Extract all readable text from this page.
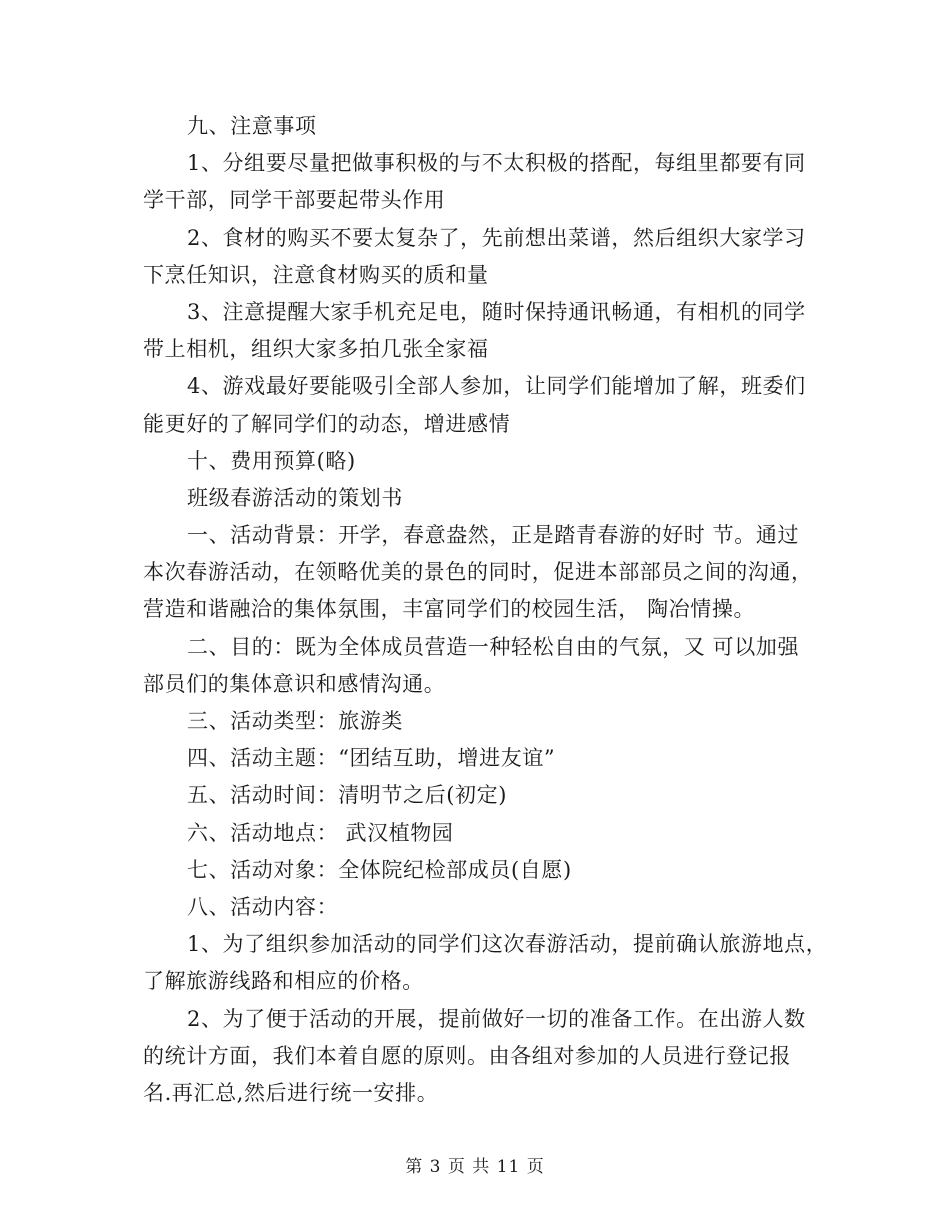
九、注意事项
1、分组要尽量把做事积极的与不太积极的搭配，每组里都要有同
学干部，同学干部要起带头作用
2、食材的购买不要太复杂了，先前想出菜谱，然后组织大家学习
下烹任知识，注意食材购买的质和量
3、注意提醒大家手机充足电，随时保持通讯畅通，有相机的同学
带上相机，组织大家多拍几张全家福
4、游戏最好要能吸引全部人参加，让同学们能增加了解，班委们
能更好的了解同学们的动态，增进感情
十、费用预算(略)
班级春游活动的策划书
一、活动背景：开学，春意盎然，正是踏青春游的好时 节。通过
本次春游活动，在领略优美的景色的同时，促进本部部员之间的沟通，
营造和谐融洽的集体氛围，丰富同学们的校园生活， 陶冶情操。
二、目的：既为全体成员营造一种轻松自由的气氛，又 可以加强
部员们的集体意识和感情沟通。
三、活动类型：旅游类
四、活动主题：“团结互助，增进友谊”
五、活动时间：清明节之后(初定)
六、活动地点： 武汉植物园
七、活动对象：全体院纪检部成员(自愿)
八、活动内容：
1、为了组织参加活动的同学们这次春游活动，提前确认旅游地点，
了解旅游线路和相应的价格。
2、为了便于活动的开展，提前做好一切的准备工作。在出游人数
的统计方面，我们本着自愿的原则。由各组对参加的人员进行登记报
名.再汇总,然后进行统一安排。
第 3 页 共 11 页
